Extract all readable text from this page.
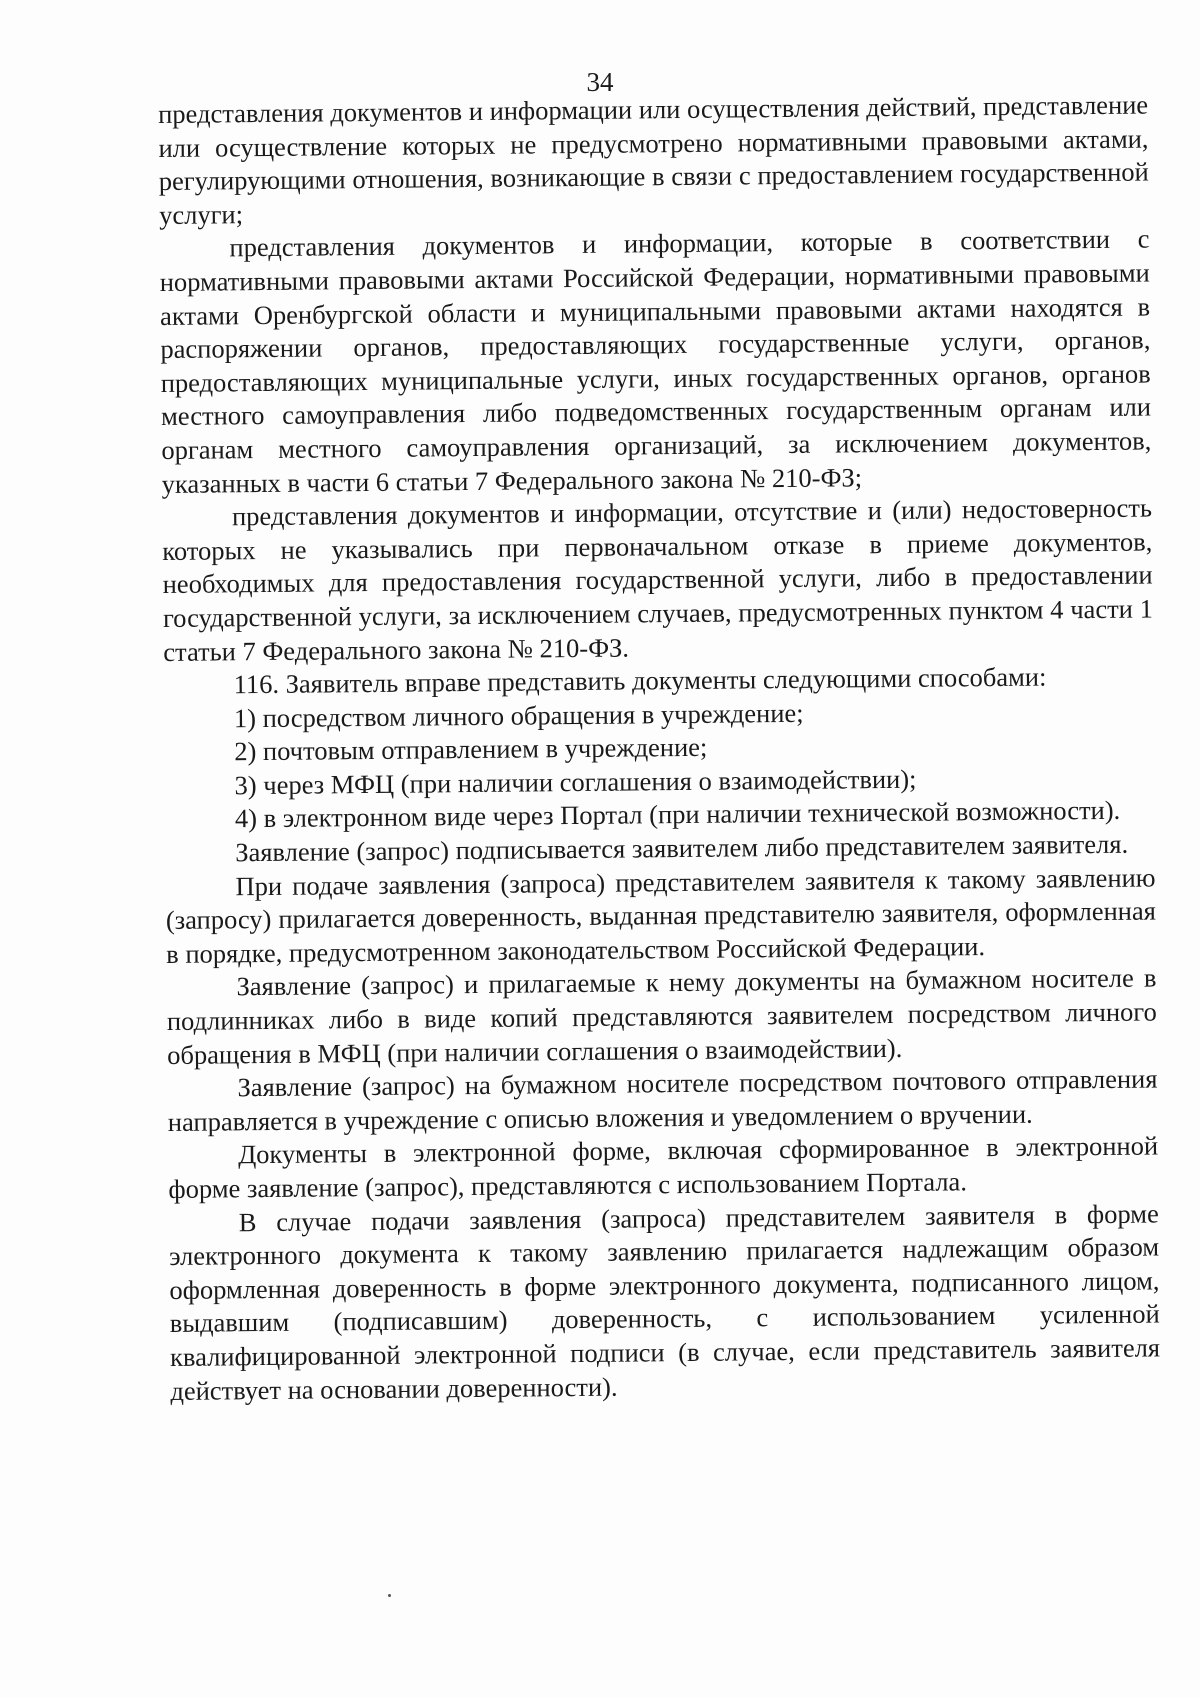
34

представления документов и информации или осуществления действий, представление или осуществление которых не предусмотрено нормативными правовыми актами, регулирующими отношения, возникающие в связи с предоставлением государственной услуги;

представления документов и информации, которые в соответствии с нормативными правовыми актами Российской Федерации, нормативными правовыми актами Оренбургской области и муниципальными правовыми актами находятся в распоряжении органов, предоставляющих государственные услуги, органов, предоставляющих муниципальные услуги, иных государственных органов, органов местного самоуправления либо подведомственных государственным органам или органам местного самоуправления организаций, за исключением документов, указанных в части 6 статьи 7 Федерального закона № 210-ФЗ;

представления документов и информации, отсутствие и (или) недостоверность которых не указывались при первоначальном отказе в приеме документов, необходимых для предоставления государственной услуги, либо в предоставлении государственной услуги, за исключением случаев, предусмотренных пунктом 4 части 1 статьи 7 Федерального закона № 210-ФЗ.

116. Заявитель вправе представить документы следующими способами:

1) посредством личного обращения в учреждение;

2) почтовым отправлением в учреждение;

3) через МФЦ (при наличии соглашения о взаимодействии);

4) в электронном виде через Портал (при наличии технической возможности).

Заявление (запрос) подписывается заявителем либо представителем заявителя.

При подаче заявления (запроса) представителем заявителя к такому заявлению (запросу) прилагается доверенность, выданная представителю заявителя, оформленная в порядке, предусмотренном законодательством Российской Федерации.

Заявление (запрос) и прилагаемые к нему документы на бумажном носителе в подлинниках либо в виде копий представляются заявителем посредством личного обращения в МФЦ (при наличии соглашения о взаимодействии).

Заявление (запрос) на бумажном носителе посредством почтового отправления направляется в учреждение с описью вложения и уведомлением о вручении.

Документы в электронной форме, включая сформированное в электронной форме заявление (запрос), представляются с использованием Портала.

В случае подачи заявления (запроса) представителем заявителя в форме электронного документа к такому заявлению прилагается надлежащим образом оформленная доверенность в форме электронного документа, подписанного лицом, выдавшим (подписавшим) доверенность, с использованием усиленной квалифицированной электронной подписи (в случае, если представитель заявителя действует на основании доверенности).
